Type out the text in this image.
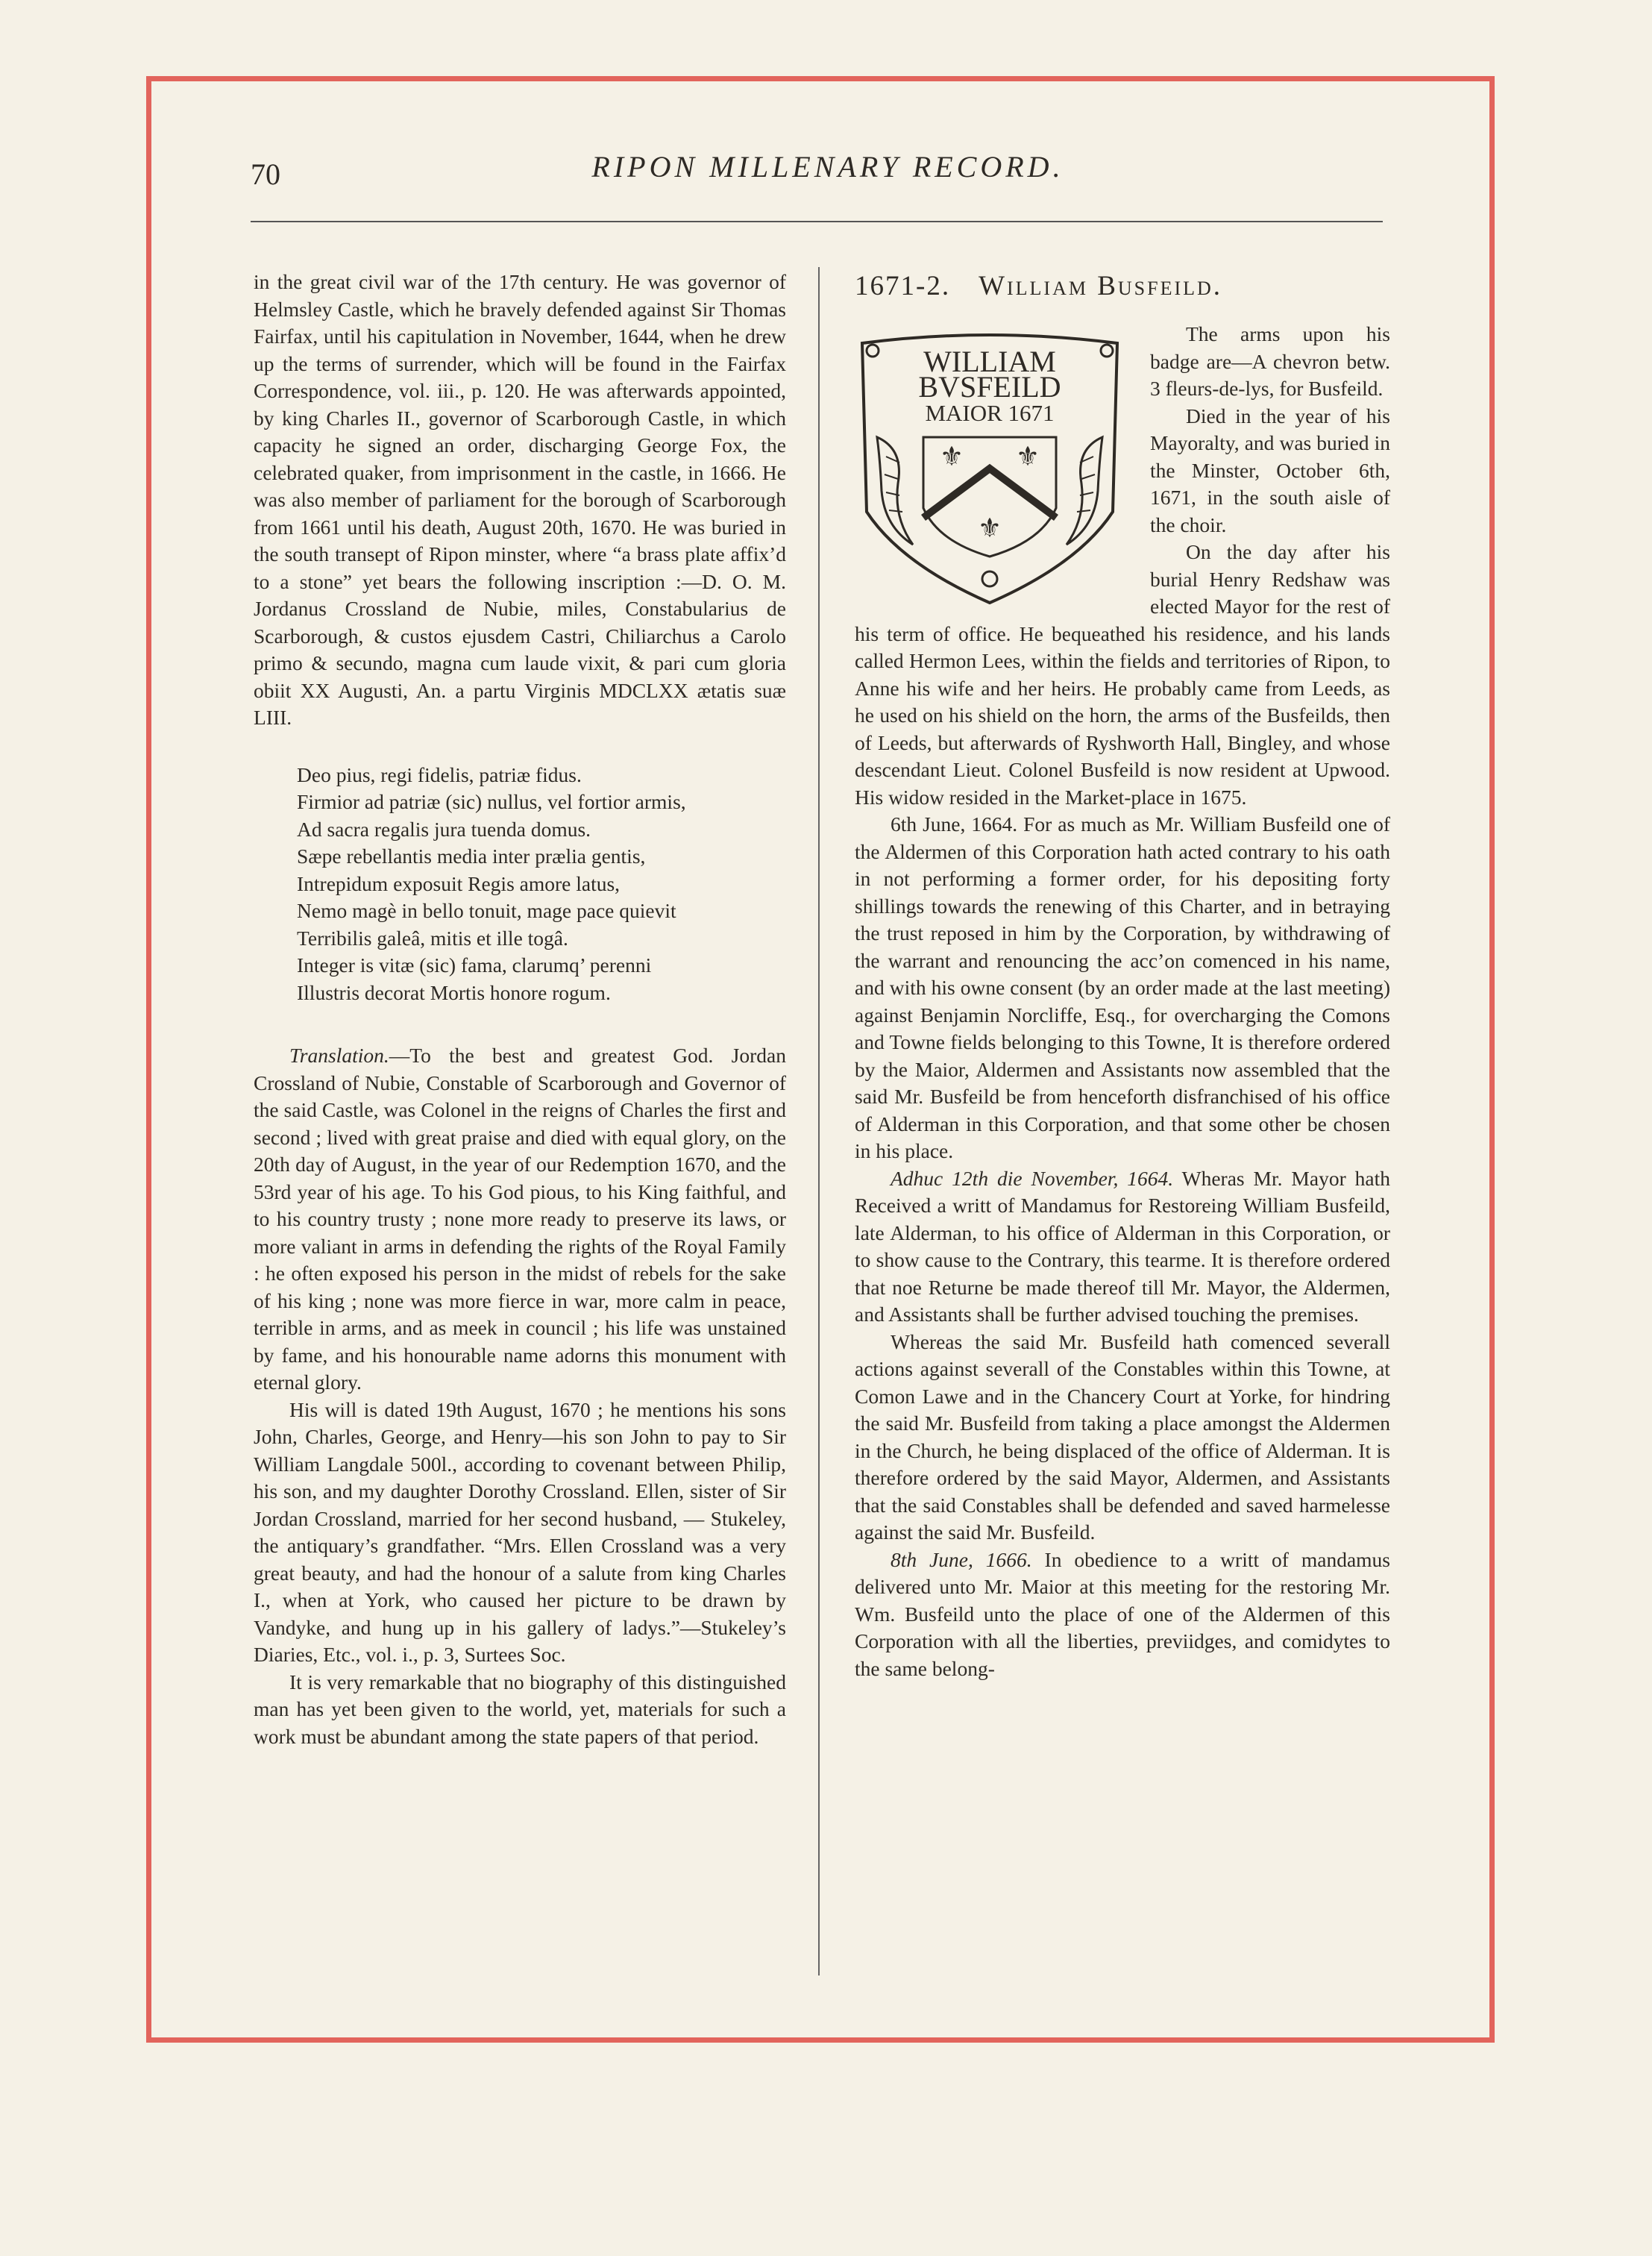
70	RIPON MILLENARY RECORD.

in the great civil war of the 17th century. He was governor of Helmsley Castle, which he bravely defended against Sir Thomas Fairfax, until his capitulation in November, 1644, when he drew up the terms of surrender, which will be found in the Fairfax Correspondence, vol. iii., p. 120. He was afterwards appointed, by king Charles II., governor of Scarborough Castle, in which capacity he signed an order, discharging George Fox, the celebrated quaker, from imprisonment in the castle, in 1666. He was also member of parliament for the borough of Scarborough from 1661 until his death, August 20th, 1670. He was buried in the south transept of Ripon minster, where “a brass plate affix’d to a stone” yet bears the following inscription :—D. O. M. Jordanus Crossland de Nubie, miles, Constabularius de Scarborough, & custos ejusdem Castri, Chiliarchus a Carolo primo & secundo, magna cum laude vixit, & pari cum gloria obiit XX Augusti, An. a partu Virginis MDCLXX ætatis suæ LIII.

Deo pius, regi fidelis, patriæ fidus.
Firmior ad patriæ (sic) nullus, vel fortior armis,
Ad sacra regalis jura tuenda domus.
Sæpe rebellantis media inter prælia gentis,
Intrepidum exposuit Regis amore latus,
Nemo magè in bello tonuit, mage pace quievit
Terribilis galeâ, mitis et ille togâ.
Integer is vitæ (sic) fama, clarumq’ perenni
Illustris decorat Mortis honore rogum.

Translation.—To the best and greatest God. Jordan Crossland of Nubie, Constable of Scarborough and Governor of the said Castle, was Colonel in the reigns of Charles the first and second ; lived with great praise and died with equal glory, on the 20th day of August, in the year of our Redemption 1670, and the 53rd year of his age. To his God pious, to his King faithful, and to his country trusty ; none more ready to preserve its laws, or more valiant in arms in defending the rights of the Royal Family : he often exposed his person in the midst of rebels for the sake of his king ; none was more fierce in war, more calm in peace, terrible in arms, and as meek in council ; his life was unstained by fame, and his honourable name adorns this monument with eternal glory.

His will is dated 19th August, 1670 ; he mentions his sons John, Charles, George, and Henry—his son John to pay to Sir William Langdale 500l., according to covenant between Philip, his son, and my daughter Dorothy Crossland. Ellen, sister of Sir Jordan Crossland, married for her second husband, — Stukeley, the antiquary’s grandfather. “Mrs. Ellen Crossland was a very great beauty, and had the honour of a salute from king Charles I., when at York, who caused her picture to be drawn by Vandyke, and hung up in his gallery of ladys.”—Stukeley’s Diaries, Etc., vol. i., p. 3, Surtees Soc.

It is very remarkable that no biography of this distinguished man has yet been given to the world, yet, materials for such a work must be abundant among the state papers of that period.

1671-2. William Busfeild.
WILLIAM
BVSFEILD
MAIOR 1671
⚜ ⚜
⚜

The arms upon his badge are—A chevron betw. 3 fleurs-de-lys, for Busfeild.

Died in the year of his Mayoralty, and was buried in the Minster, October 6th, 1671, in the south aisle of the choir.

On the day after his burial Henry Redshaw was elected Mayor for the rest of his term of office. He bequeathed his residence, and his lands called Hermon Lees, within the fields and territories of Ripon, to Anne his wife and her heirs. He probably came from Leeds, as he used on his shield on the horn, the arms of the Busfeilds, then of Leeds, but afterwards of Ryshworth Hall, Bingley, and whose descendant Lieut. Colonel Busfeild is now resident at Upwood. His widow resided in the Market-place in 1675.

6th June, 1664. For as much as Mr. William Busfeild one of the Aldermen of this Corporation hath acted contrary to his oath in not performing a former order, for his depositing forty shillings towards the renewing of this Charter, and in betraying the trust reposed in him by the Corporation, by withdrawing of the warrant and renouncing the acc’on comenced in his name, and with his owne consent (by an order made at the last meeting) against Benjamin Norcliffe, Esq., for overcharging the Comons and Towne fields belonging to this Towne, It is therefore ordered by the Maior, Aldermen and Assistants now assembled that the said Mr. Busfeild be from henceforth disfranchised of his office of Alderman in this Corporation, and that some other be chosen in his place.

Adhuc 12th die November, 1664. Wheras Mr. Mayor hath Received a writt of Mandamus for Restoreing William Busfeild, late Alderman, to his office of Alderman in this Corporation, or to show cause to the Contrary, this tearme. It is therefore ordered that noe Returne be made thereof till Mr. Mayor, the Aldermen, and Assistants shall be further advised touching the premises.

Whereas the said Mr. Busfeild hath comenced severall actions against severall of the Constables within this Towne, at Comon Lawe and in the Chancery Court at Yorke, for hindring the said Mr. Busfeild from taking a place amongst the Aldermen in the Church, he being displaced of the office of Alderman. It is therefore ordered by the said Mayor, Aldermen, and Assistants that the said Constables shall be defended and saved harmelesse against the said Mr. Busfeild.

8th June, 1666. In obedience to a writt of mandamus delivered unto Mr. Maior at this meeting for the restoring Mr. Wm. Busfeild unto the place of one of the Aldermen of this Corporation with all the liberties, previidges, and comidytes to the same belong-
